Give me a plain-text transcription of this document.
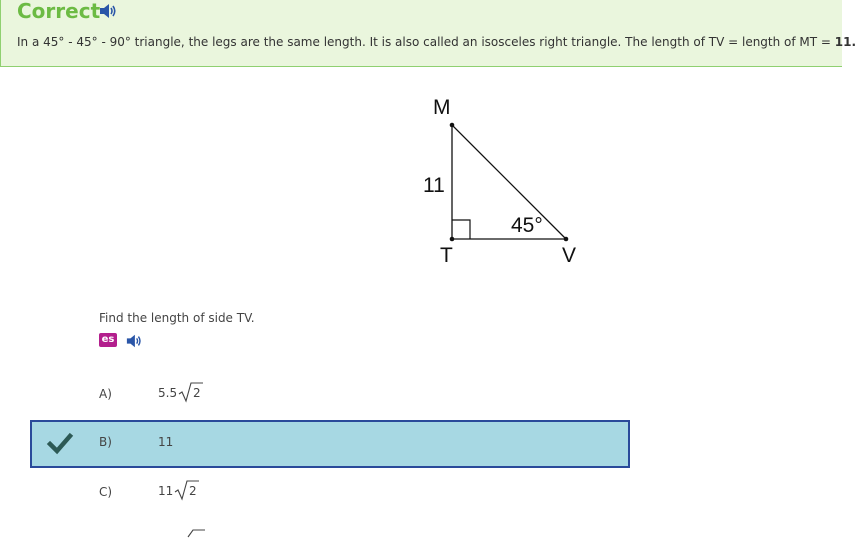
Correct
In a 45° - 45° - 90° triangle, the legs are the same length. It is also called an isosceles right triangle. The length of TV = length of MT = 11.
M
T	V
11
45°
Find the length of side TV.
es
A)	5.5 2
B)	11
C)	11 2
